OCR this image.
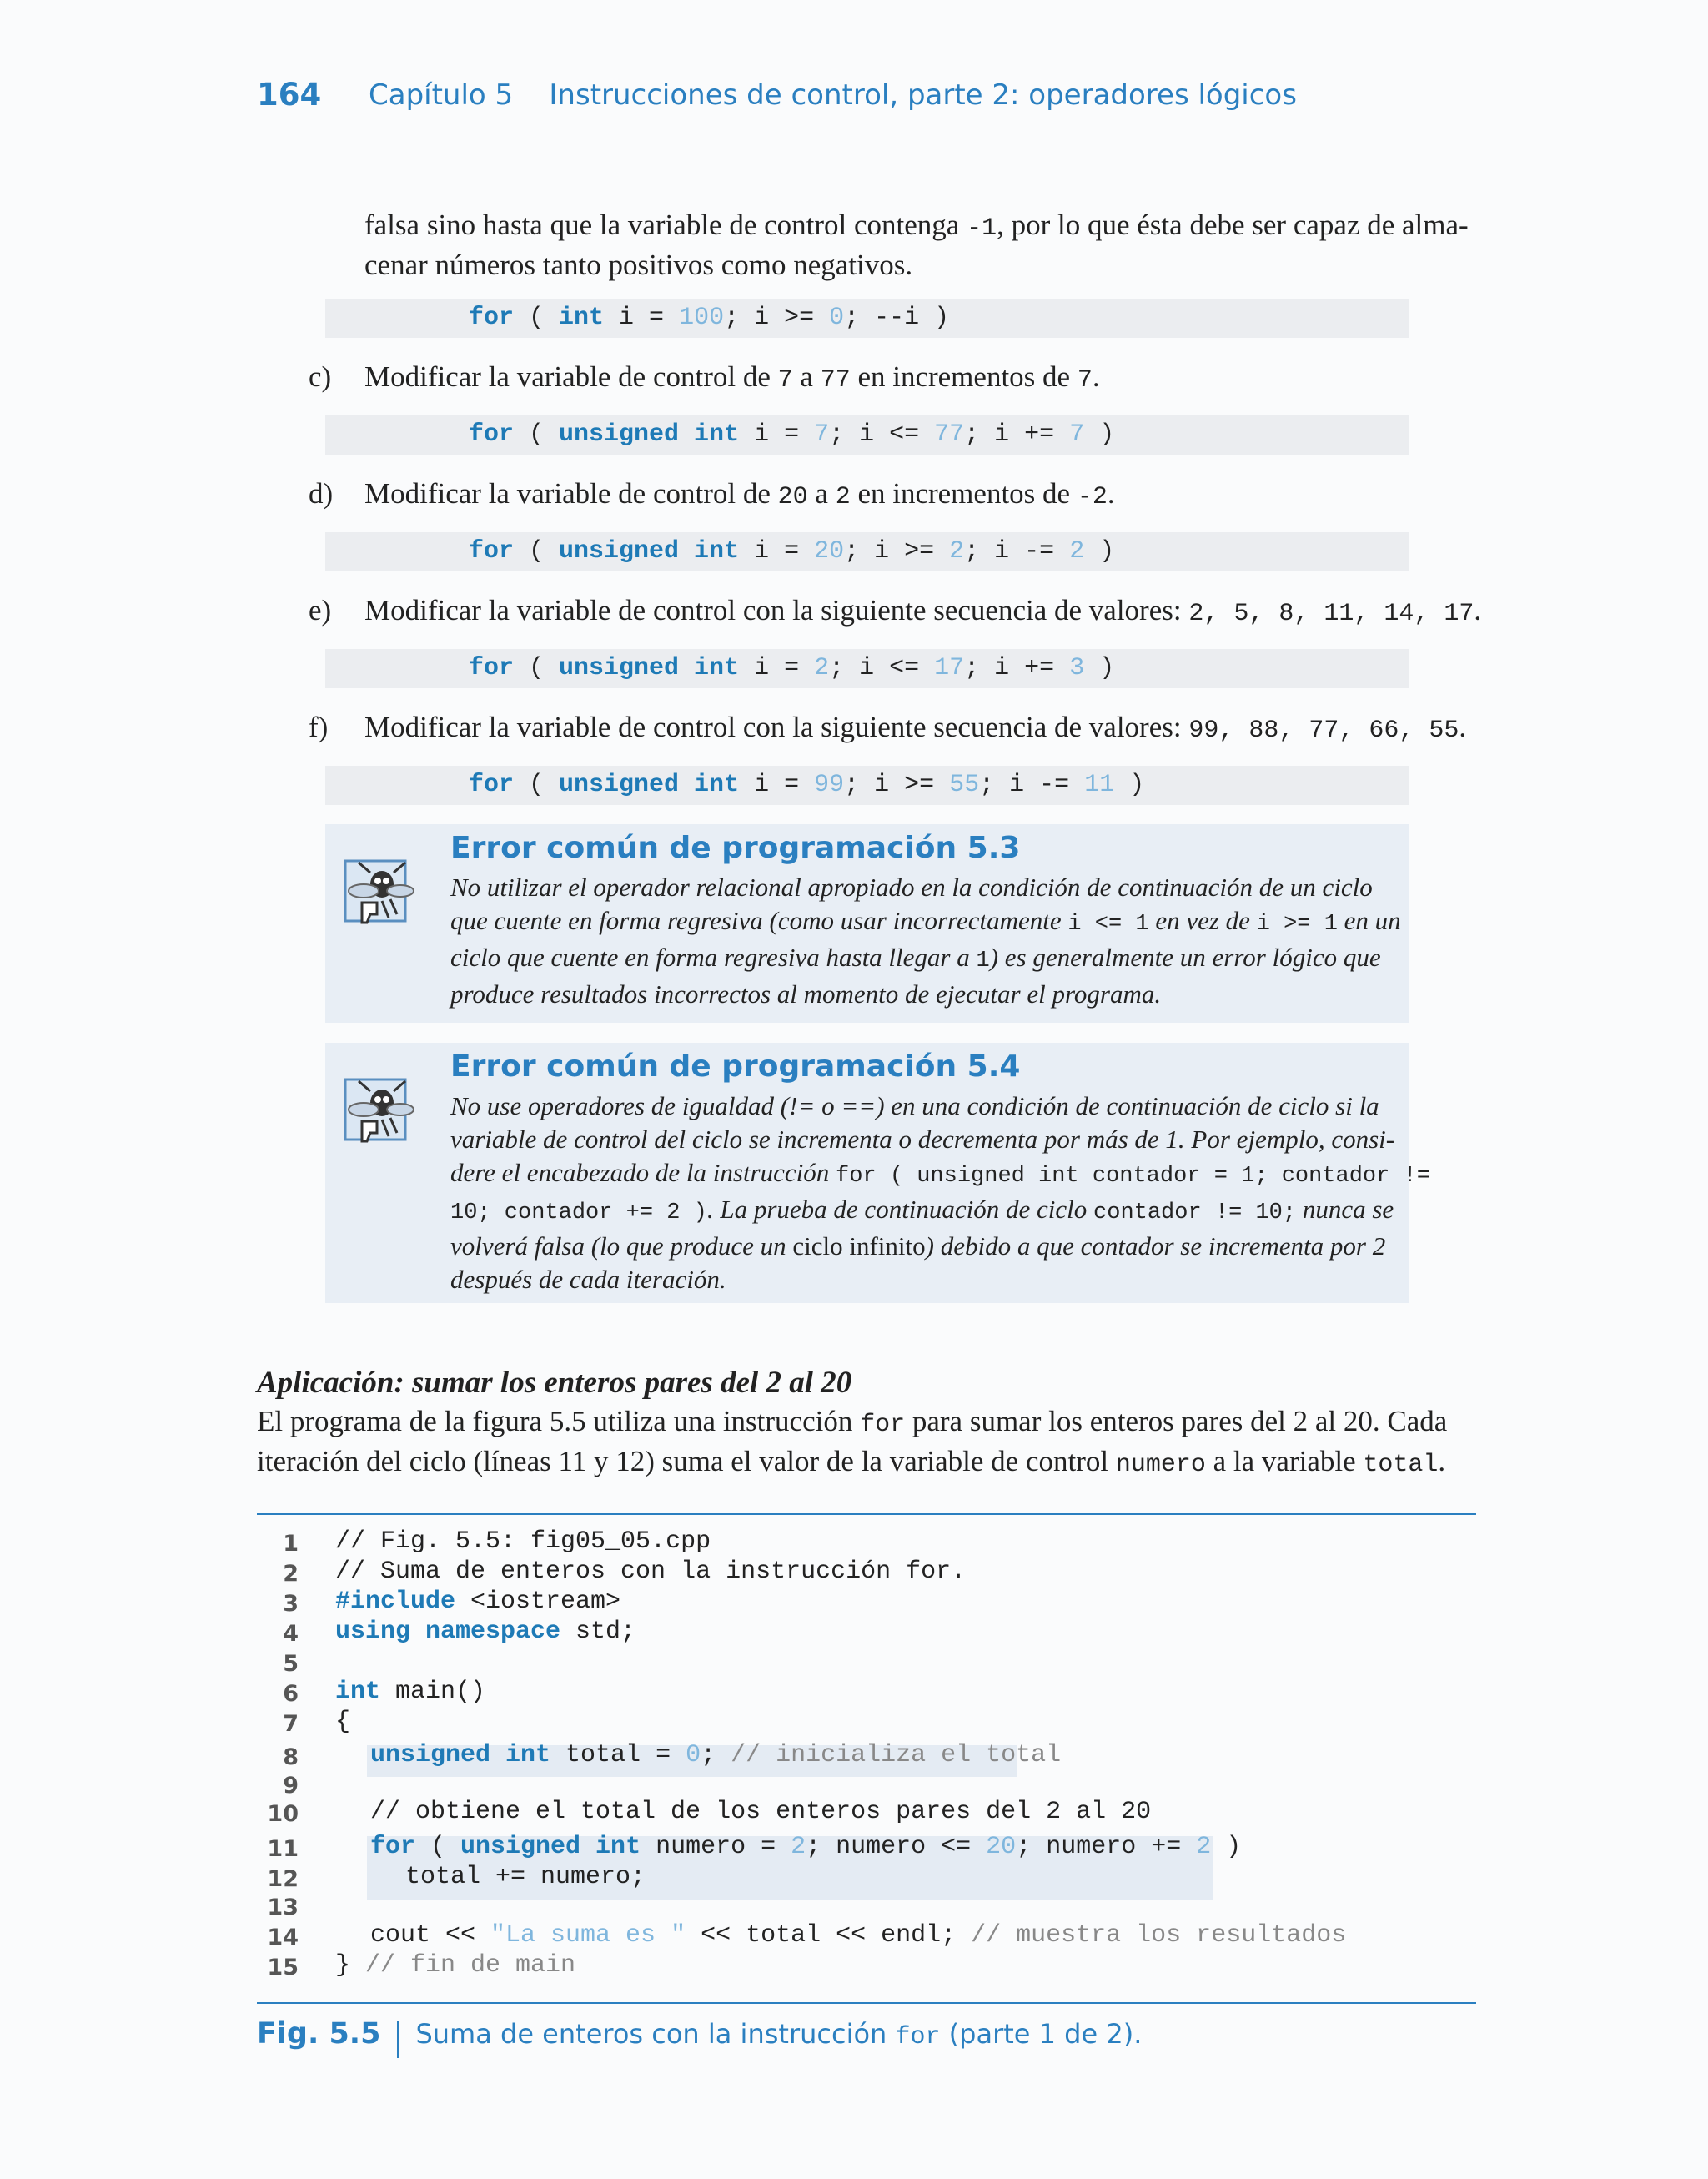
164 Capítulo 5    Instrucciones de control, parte 2: operadores lógicos
falsa sino hasta que la variable de control contenga -1, por lo que ésta debe ser capaz de alma-
cenar números tanto positivos como negativos.
for ( int i = 100; i >= 0; --i )
c) Modificar la variable de control de 7 a 77 en incrementos de 7.
for ( unsigned int i = 7; i <= 77; i += 7 )
d) Modificar la variable de control de 20 a 2 en incrementos de -2.
for ( unsigned int i = 20; i >= 2; i -= 2 )
e) Modificar la variable de control con la siguiente secuencia de valores: 2, 5, 8, 11, 14, 17.
for ( unsigned int i = 2; i <= 17; i += 3 )
f) Modificar la variable de control con la siguiente secuencia de valores: 99, 88, 77, 66, 55.
for ( unsigned int i = 99; i >= 55; i -= 11 )
Error común de programación 5.3
No utilizar el operador relacional apropiado en la condición de continuación de un ciclo
que cuente en forma regresiva (como usar incorrectamente i <= 1 en vez de i >= 1 en un
ciclo que cuente en forma regresiva hasta llegar a 1) es generalmente un error lógico que
produce resultados incorrectos al momento de ejecutar el programa.
Error común de programación 5.4
No use operadores de igualdad (!= o ==) en una condición de continuación de ciclo si la
variable de control del ciclo se incrementa o decrementa por más de 1. Por ejemplo, consi-
dere el encabezado de la instrucción for ( unsigned int contador = 1; contador !=
10; contador += 2 ). La prueba de continuación de ciclo contador != 10; nunca se
volverá falsa (lo que produce un ciclo infinito) debido a que contador se incrementa por 2
después de cada iteración.
Aplicación: sumar los enteros pares del 2 al 20
El programa de la figura 5.5 utiliza una instrucción for para sumar los enteros pares del 2 al 20. Cada
iteración del ciclo (líneas 11 y 12) suma el valor de la variable de control numero a la variable total.
1
2
3
4
5
6
7
8
9
10
11
12
13
14
15
// Fig. 5.5: fig05_05.cpp
// Suma de enteros con la instrucción for.
#include <iostream>
using namespace std;
int main()
{
unsigned int total = 0; // inicializa el total
// obtiene el total de los enteros pares del 2 al 20
for ( unsigned int numero = 2; numero <= 20; numero += 2 )
total += numero;
cout << "La suma es " << total << endl; // muestra los resultados
} // fin de main
Fig. 5.5 Suma de enteros con la instrucción for (parte 1 de 2).
